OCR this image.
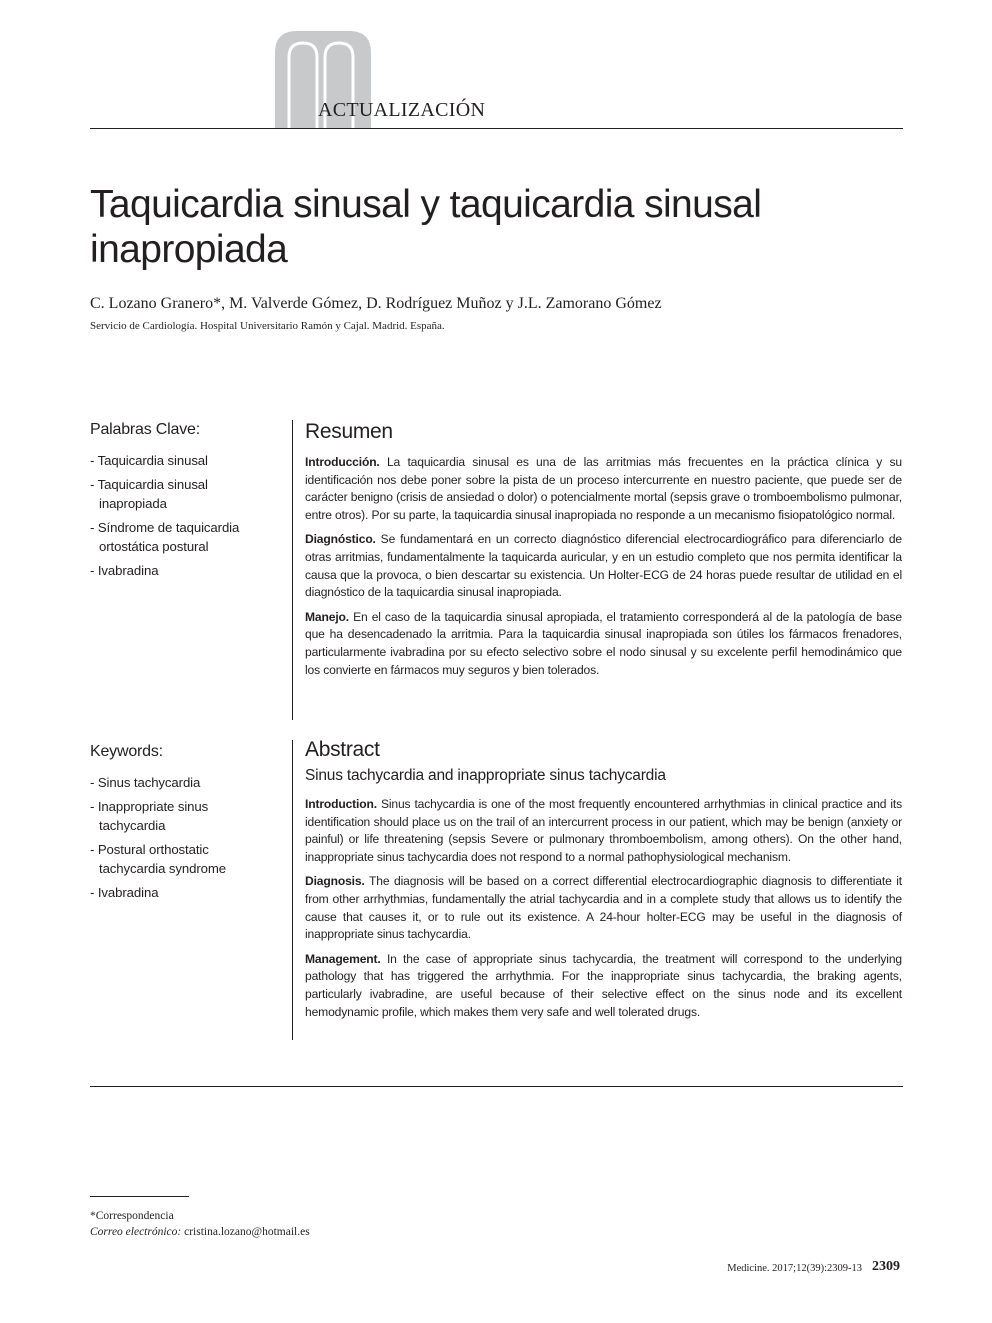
ACTUALIZACIÓN
Taquicardia sinusal y taquicardia sinusal inapropiada
C. Lozano Granero*, M. Valverde Gómez, D. Rodríguez Muñoz y J.L. Zamorano Gómez
Servicio de Cardiología. Hospital Universitario Ramón y Cajal. Madrid. España.
Palabras Clave:
- Taquicardia sinusal
- Taquicardia sinusal inapropiada
- Síndrome de taquicardia ortostática postural
- Ivabradina
Keywords:
- Sinus tachycardia
- Inappropriate sinus tachycardia
- Postural orthostatic tachycardia syndrome
- Ivabradina
Resumen

Introducción. La taquicardia sinusal es una de las arritmias más frecuentes en la práctica clínica y su identificación nos debe poner sobre la pista de un proceso intercurrente en nuestro paciente, que puede ser de carácter benigno (crisis de ansiedad o dolor) o potencialmente mortal (sepsis grave o tromboembolismo pulmonar, entre otros). Por su parte, la taquicardia sinusal inapropiada no responde a un mecanismo fisiopatológico normal.

Diagnóstico. Se fundamentará en un correcto diagnóstico diferencial electrocardiográfico para diferenciarlo de otras arritmias, fundamentalmente la taquicarda auricular, y en un estudio completo que nos permita identificar la causa que la provoca, o bien descartar su existencia. Un Holter-ECG de 24 horas puede resultar de utilidad en el diagnóstico de la taquicardia sinusal inapropiada.

Manejo. En el caso de la taquicardia sinusal apropiada, el tratamiento corresponderá al de la patología de base que ha desencadenado la arritmia. Para la taquicardia sinusal inapropiada son útiles los fármacos frenadores, particularmente ivabradina por su efecto selectivo sobre el nodo sinusal y su excelente perfil hemodinámico que los convierte en fármacos muy seguros y bien tolerados.

Abstract
Sinus tachycardia and inappropriate sinus tachycardia

Introduction. Sinus tachycardia is one of the most frequently encountered arrhythmias in clinical practice and its identification should place us on the trail of an intercurrent process in our patient, which may be benign (anxiety or painful) or life threatening (sepsis Severe or pulmonary thromboembolism, among others). On the other hand, inappropriate sinus tachycardia does not respond to a normal pathophysiological mechanism.

Diagnosis. The diagnosis will be based on a correct differential electrocardiographic diagnosis to differentiate it from other arrhythmias, fundamentally the atrial tachycardia and in a complete study that allows us to identify the cause that causes it, or to rule out its existence. A 24-hour holter-ECG may be useful in the diagnosis of inappropriate sinus tachycardia.

Management. In the case of appropriate sinus tachycardia, the treatment will correspond to the underlying pathology that has triggered the arrhythmia. For the inappropriate sinus tachycardia, the braking agents, particularly ivabradine, are useful because of their selective effect on the sinus node and its excellent hemodynamic profile, which makes them very safe and well tolerated drugs.

*Correspondencia
Correo electrónico: cristina.lozano@hotmail.es
Medicine. 2017;12(39):2309-13 2309
